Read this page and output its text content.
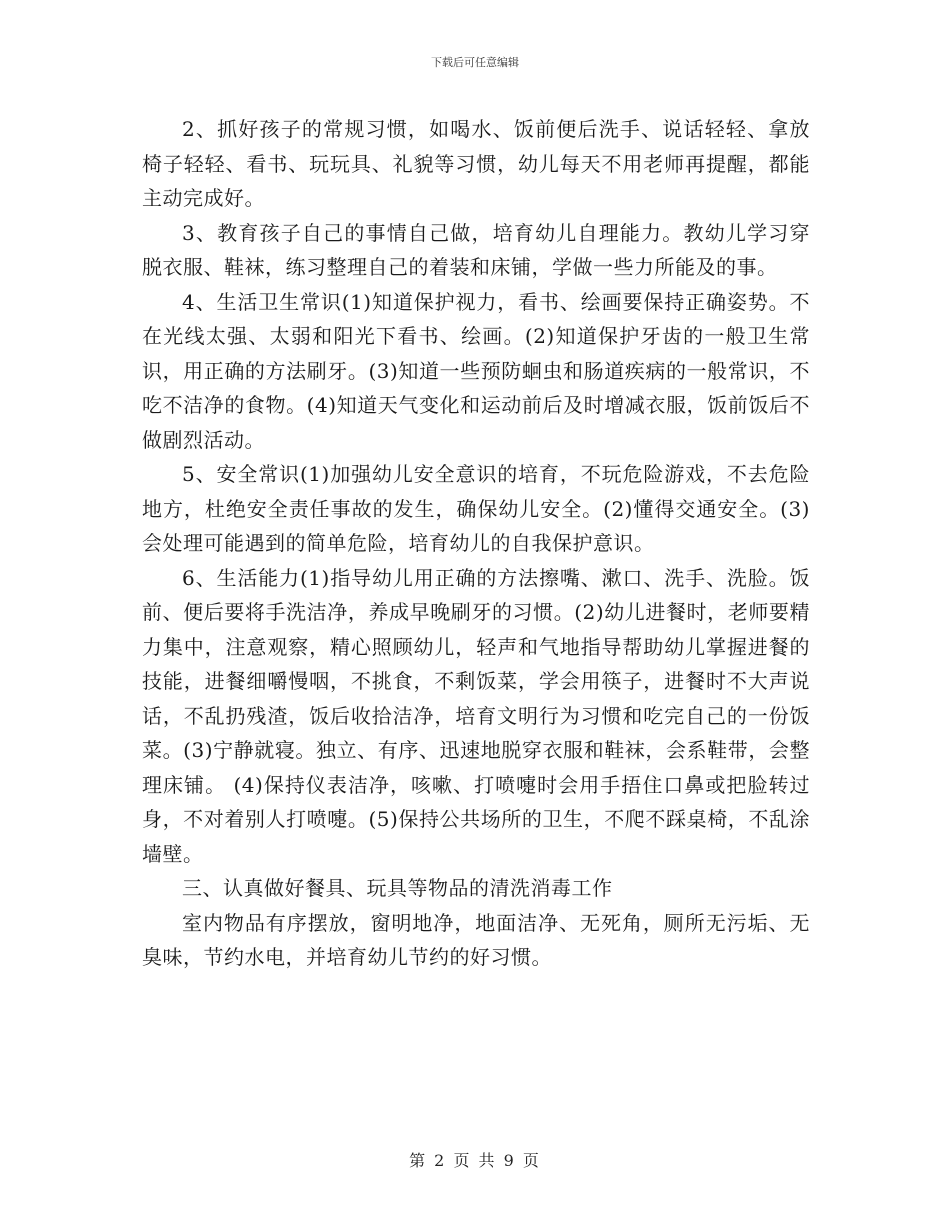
下载后可任意编辑

2、抓好孩子的常规习惯，如喝水、饭前便后洗手、说话轻轻、拿放椅子轻轻、看书、玩玩具、礼貌等习惯，幼儿每天不用老师再提醒，都能主动完成好。

3、教育孩子自己的事情自己做，培育幼儿自理能力。教幼儿学习穿脱衣服、鞋袜，练习整理自己的着装和床铺，学做一些力所能及的事。

4、生活卫生常识(1)知道保护视力，看书、绘画要保持正确姿势。不在光线太强、太弱和阳光下看书、绘画。(2)知道保护牙齿的一般卫生常识，用正确的方法刷牙。(3)知道一些预防蛔虫和肠道疾病的一般常识，不吃不洁净的食物。(4)知道天气变化和运动前后及时增减衣服，饭前饭后不做剧烈活动。

5、安全常识(1)加强幼儿安全意识的培育，不玩危险游戏，不去危险地方，杜绝安全责任事故的发生，确保幼儿安全。(2)懂得交通安全。(3)会处理可能遇到的简单危险，培育幼儿的自我保护意识。

6、生活能力(1)指导幼儿用正确的方法擦嘴、漱口、洗手、洗脸。饭前、便后要将手洗洁净，养成早晚刷牙的习惯。(2)幼儿进餐时，老师要精力集中，注意观察，精心照顾幼儿，轻声和气地指导帮助幼儿掌握进餐的技能，进餐细嚼慢咽，不挑食，不剩饭菜，学会用筷子，进餐时不大声说话，不乱扔残渣，饭后收拾洁净，培育文明行为习惯和吃完自己的一份饭菜。(3)宁静就寝。独立、有序、迅速地脱穿衣服和鞋袜，会系鞋带，会整理床铺。 (4)保持仪表洁净，咳嗽、打喷嚏时会用手捂住口鼻或把脸转过身，不对着别人打喷嚏。(5)保持公共场所的卫生，不爬不踩桌椅，不乱涂墙壁。

三、认真做好餐具、玩具等物品的清洗消毒工作

室内物品有序摆放，窗明地净，地面洁净、无死角，厕所无污垢、无臭味，节约水电，并培育幼儿节约的好习惯。

第 2 页 共 9 页
